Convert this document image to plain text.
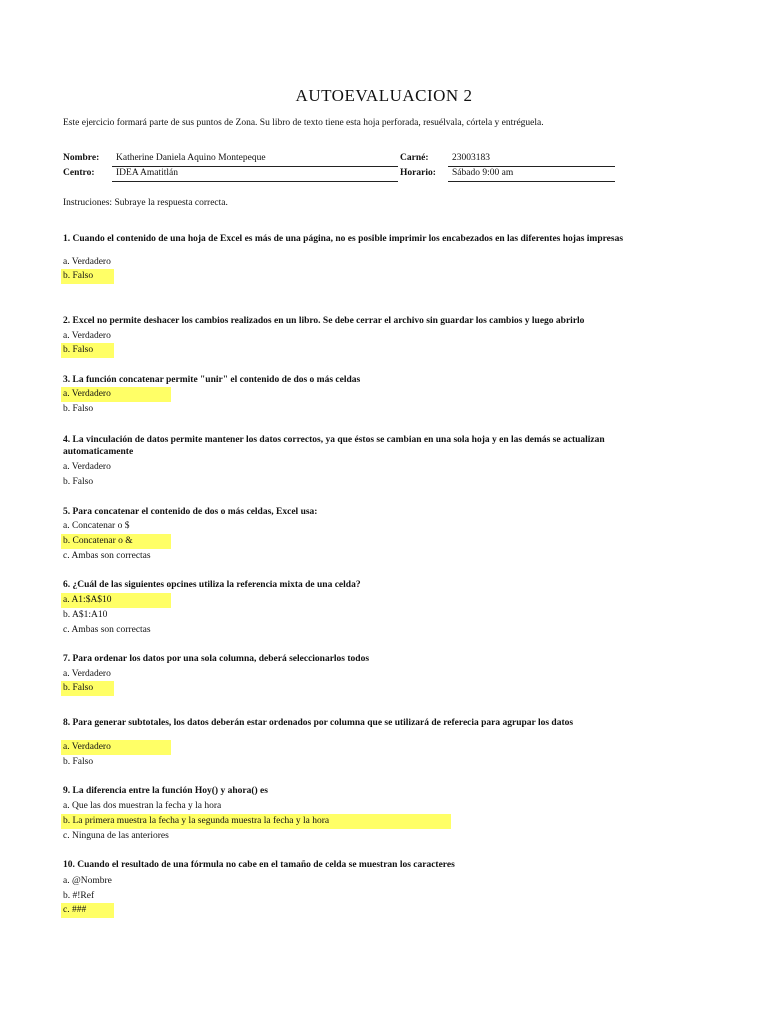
AUTOEVALUACION 2
Este ejercicio formará parte de sus puntos de Zona. Su libro de texto tiene esta hoja perforada, resuélvala, córtela y entréguela.
Nombre: Katherine Daniela Aquino Montepeque	Carné: 23003183
Centro: IDEA Amatitlán	Horario: Sábado 9:00 am
Instruciones: Subraye la respuesta correcta.
1. Cuando el contenido de una hoja de Excel es más de una página, no es posible imprimir los encabezados en las diferentes hojas impresas
a. Verdadero
b. Falso
2. Excel no permite deshacer los cambios realizados en un libro. Se debe cerrar el archivo sin guardar los cambios y luego abrirlo
a. Verdadero
b. Falso
3. La función concatenar permite "unir" el contenido de dos o más celdas
a. Verdadero
b. Falso
4. La vinculación de datos permite mantener los datos correctos, ya que éstos se cambian en una sola hoja y en las demás se actualizan automaticamente
a. Verdadero
b. Falso
5. Para concatenar el contenido de dos o más celdas, Excel usa:
a. Concatenar o $
b. Concatenar o &
c. Ambas son correctas
6. ¿Cuál de las siguientes opcines utiliza la referencia mixta de una celda?
a. A1:$A$10
b. A$1:A10
c. Ambas son correctas
7. Para ordenar los datos por una sola columna, deberá seleccionarlos todos
a. Verdadero
b. Falso
8. Para generar subtotales, los datos deberán estar ordenados por columna que se utilizará de referecia para agrupar los datos
a. Verdadero
b. Falso
9. La diferencia entre la función Hoy() y ahora() es
a. Que las dos muestran la fecha y la hora
b. La primera muestra la fecha y la segunda muestra la fecha y la hora
c. Ninguna de las anteriores
10. Cuando el resultado de una fórmula no cabe en el tamaño de celda se muestran los caracteres
a. @Nombre
b. #!Ref
c. ###
